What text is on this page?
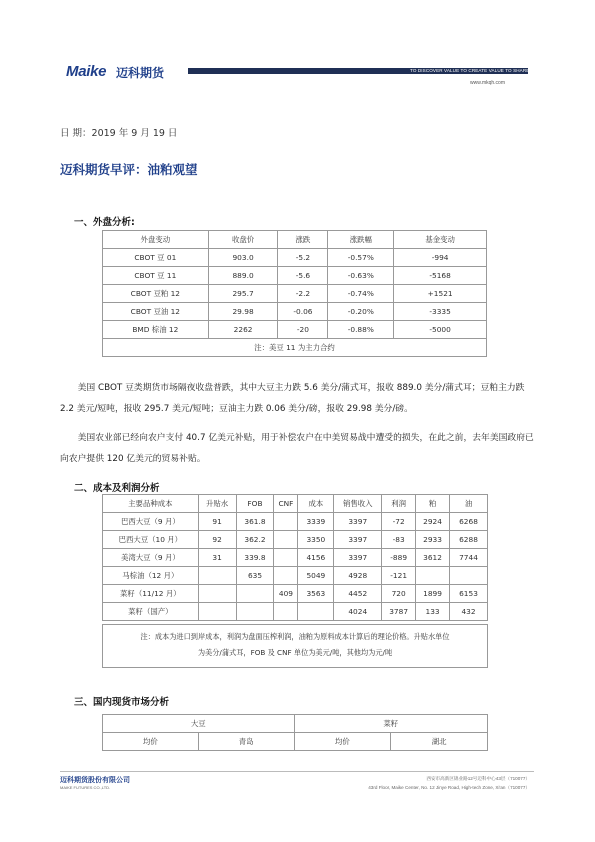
Maike 迈科期货	TO DISCOVER VALUE TO CREATE VALUE TO SHARE VALUE
www.mkqh.com
日 期：2019 年 9 月 19 日
迈科期货早评：油粕观望
一、外盘分析:
外盘变动	收盘价	涨跌	涨跌幅	基金变动
CBOT 豆 01	903.0	-5.2	-0.57%	-994
CBOT 豆 11	889.0	-5.6	-0.63%	-5168
CBOT 豆粕 12	295.7	-2.2	-0.74%	+1521
CBOT 豆油 12	29.98	-0.06	-0.20%	-3335
BMD 棕油 12	2262	-20	-0.88%	-5000
注：美豆 11 为主力合约				
美国 CBOT 豆类期货市场隔夜收盘普跌，其中大豆主力跌 5.6 美分/蒲式耳，报收 889.0 美分/蒲式耳；豆粕主力跌 2.2 美元/短吨，报收 295.7 美元/短吨；豆油主力跌 0.06 美分/磅，报收 29.98 美分/磅。
美国农业部已经向农户支付 40.7 亿美元补贴，用于补偿农户在中美贸易战中遭受的损失，在此之前，去年美国政府已向农户提供 120 亿美元的贸易补贴。
二、成本及利润分析
主要品种成本	升贴水	FOB	CNF	成本	销售收入	利润	粕	油
巴西大豆（9 月）	91	361.8		3339	3397	-72	2924	6268
巴西大豆（10 月）	92	362.2		3350	3397	-83	2933	6288
美湾大豆（9 月）	31	339.8		4156	3397	-889	3612	7744
马棕油（12 月）		635		5049	4928	-121		
菜籽（11/12 月）			409	3563	4452	720	1899	6153
菜籽（国产）					4024	3787	133	432
注：成本为进口到岸成本，利润为盘面压榨利润，油粕为原料成本计算后的理论价格。升贴水单位
为美分/蒲式耳，FOB 及 CNF 单位为美元/吨，其他均为元/吨
三、国内现货市场分析
大豆		菜籽	
均价	青岛	均价	湖北
迈科期货股份有限公司
MAIKE FUTURES CO.,LTD.
西安市高新区锦业路12号迈科中心43层（710077）
43rd Floor, Maike Center, No. 12 Jinye Road, High-tech Zone, Xi'an（710077）
